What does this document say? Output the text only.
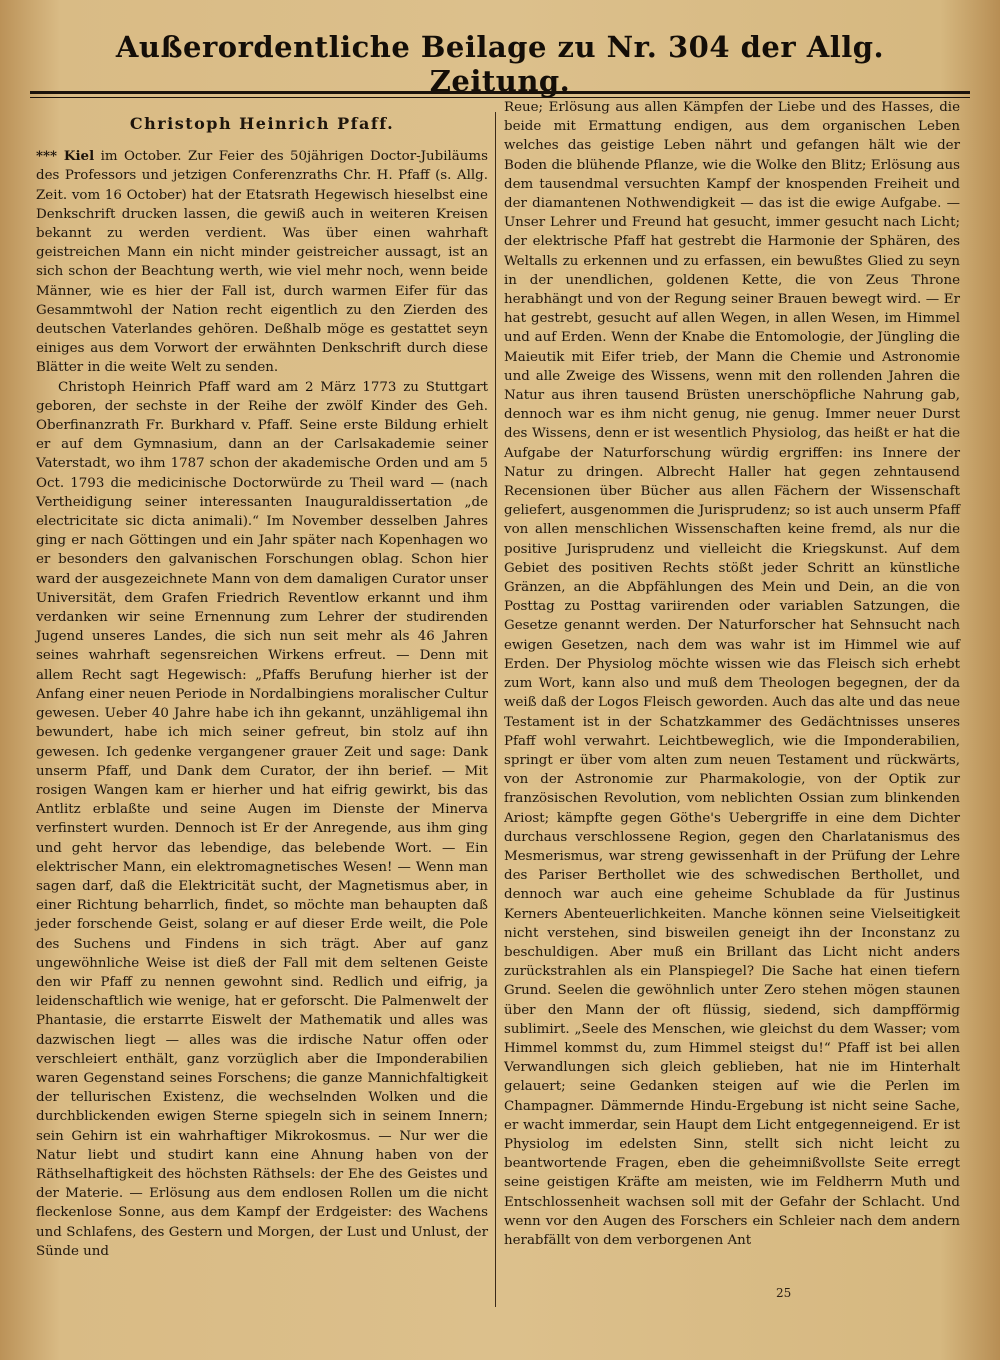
Außerordentliche Beilage zu Nr. 304 der Allg. Zeitung.
Christoph Heinrich Pfaff.

*** Kiel im October. Zur Feier des 50jährigen Doctor-Jubiläums des Professors und jetzigen Conferenzraths Chr. H. Pfaff (s. Allg. Zeit. vom 16 October) hat der Etatsrath Hegewisch hieselbst eine Denkschrift drucken lassen, die gewiß auch in weiteren Kreisen bekannt zu werden verdient. Was über einen wahrhaft geistreichen Mann ein nicht minder geistreicher aussagt, ist an sich schon der Beachtung werth, wie viel mehr noch, wenn beide Männer, wie es hier der Fall ist, durch warmen Eifer für das Gesammtwohl der Nation recht eigentlich zu den Zierden des deutschen Vaterlandes gehören. Deßhalb möge es gestattet seyn einiges aus dem Vorwort der erwähnten Denkschrift durch diese Blätter in die weite Welt zu senden.

Christoph Heinrich Pfaff ward am 2 März 1773 zu Stuttgart geboren, der sechste in der Reihe der zwölf Kinder des Geh. Oberfinanzrath Fr. Burkhard v. Pfaff. Seine erste Bildung erhielt er auf dem Gymnasium, dann an der Carlsakademie seiner Vaterstadt, wo ihm 1787 schon der akademische Orden und am 5 Oct. 1793 die medicinische Doctorwürde zu Theil ward — (nach Vertheidigung seiner interessanten Inauguraldissertation „de electricitate sic dicta animali).“ Im November desselben Jahres ging er nach Göttingen und ein Jahr später nach Kopenhagen wo er besonders den galvanischen Forschungen oblag. Schon hier ward der ausgezeichnete Mann von dem damaligen Curator unser Universität, dem Grafen Friedrich Reventlow erkannt und ihm verdanken wir seine Ernennung zum Lehrer der studirenden Jugend unseres Landes, die sich nun seit mehr als 46 Jahren seines wahrhaft segensreichen Wirkens erfreut. — Denn mit allem Recht sagt Hegewisch: „Pfaffs Berufung hierher ist der Anfang einer neuen Periode in Nordalbingiens moralischer Cultur gewesen. Ueber 40 Jahre habe ich ihn gekannt, unzähligemal ihn bewundert, habe ich mich seiner gefreut, bin stolz auf ihn gewesen. Ich gedenke vergangener grauer Zeit und sage: Dank unserm Pfaff, und Dank dem Curator, der ihn berief. — Mit rosigen Wangen kam er hierher und hat eifrig gewirkt, bis das Antlitz erblaßte und seine Augen im Dienste der Minerva verfinstert wurden. Dennoch ist Er der Anregende, aus ihm ging und geht hervor das lebendige, das belebende Wort. — Ein elektrischer Mann, ein elektromagnetisches Wesen! — Wenn man sagen darf, daß die Elektricität sucht, der Magnetismus aber, in einer Richtung beharrlich, findet, so möchte man behaupten daß jeder forschende Geist, solang er auf dieser Erde weilt, die Pole des Suchens und Findens in sich trägt. Aber auf ganz ungewöhnliche Weise ist dieß der Fall mit dem seltenen Geiste den wir Pfaff zu nennen gewohnt sind. Redlich und eifrig, ja leidenschaftlich wie wenige, hat er geforscht. Die Palmenwelt der Phantasie, die erstarrte Eiswelt der Mathematik und alles was dazwischen liegt — alles was die irdische Natur offen oder verschleiert enthält, ganz vorzüglich aber die Imponderabilien waren Gegenstand seines Forschens; die ganze Mannichfaltigkeit der tellurischen Existenz, die wechselnden Wolken und die durchblickenden ewigen Sterne spiegeln sich in seinem Innern; sein Gehirn ist ein wahrhaftiger Mikrokosmus. — Nur wer die Natur liebt und studirt kann eine Ahnung haben von der Räthselhaftigkeit des höchsten Räthsels: der Ehe des Geistes und der Materie. — Erlösung aus dem endlosen Rollen um die nicht fleckenlose Sonne, aus dem Kampf der Erdgeister: des Wachens und Schlafens, des Gestern und Morgen, der Lust und Unlust, der Sünde und

Reue; Erlösung aus allen Kämpfen der Liebe und des Hasses, die beide mit Ermattung endigen, aus dem organischen Leben welches das geistige Leben nährt und gefangen hält wie der Boden die blühende Pflanze, wie die Wolke den Blitz; Erlösung aus dem tausendmal versuchten Kampf der knospenden Freiheit und der diamantenen Nothwendigkeit — das ist die ewige Aufgabe. — Unser Lehrer und Freund hat gesucht, immer gesucht nach Licht; der elektrische Pfaff hat gestrebt die Harmonie der Sphären, des Weltalls zu erkennen und zu erfassen, ein bewußtes Glied zu seyn in der unendlichen, goldenen Kette, die von Zeus Throne herabhängt und von der Regung seiner Brauen bewegt wird. — Er hat gestrebt, gesucht auf allen Wegen, in allen Wesen, im Himmel und auf Erden. Wenn der Knabe die Entomologie, der Jüngling die Maieutik mit Eifer trieb, der Mann die Chemie und Astronomie und alle Zweige des Wissens, wenn mit den rollenden Jahren die Natur aus ihren tausend Brüsten unerschöpfliche Nahrung gab, dennoch war es ihm nicht genug, nie genug. Immer neuer Durst des Wissens, denn er ist wesentlich Physiolog, das heißt er hat die Aufgabe der Naturforschung würdig ergriffen: ins Innere der Natur zu dringen. Albrecht Haller hat gegen zehntausend Recensionen über Bücher aus allen Fächern der Wissenschaft geliefert, ausgenommen die Jurisprudenz; so ist auch unserm Pfaff von allen menschlichen Wissenschaften keine fremd, als nur die positive Jurisprudenz und vielleicht die Kriegskunst. Auf dem Gebiet des positiven Rechts stößt jeder Schritt an künstliche Gränzen, an die Abpfählungen des Mein und Dein, an die von Posttag zu Posttag variirenden oder variablen Satzungen, die Gesetze genannt werden. Der Naturforscher hat Sehnsucht nach ewigen Gesetzen, nach dem was wahr ist im Himmel wie auf Erden. Der Physiolog möchte wissen wie das Fleisch sich erhebt zum Wort, kann also und muß dem Theologen begegnen, der da weiß daß der Logos Fleisch geworden. Auch das alte und das neue Testament ist in der Schatzkammer des Gedächtnisses unseres Pfaff wohl verwahrt. Leichtbeweglich, wie die Imponderabilien, springt er über vom alten zum neuen Testament und rückwärts, von der Astronomie zur Pharmakologie, von der Optik zur französischen Revolution, vom neblichten Ossian zum blinkenden Ariost; kämpfte gegen Göthe's Uebergriffe in eine dem Dichter durchaus verschlossene Region, gegen den Charlatanismus des Mesmerismus, war streng gewissenhaft in der Prüfung der Lehre des Pariser Berthollet wie des schwedischen Berthollet, und dennoch war auch eine geheime Schublade da für Justinus Kerners Abenteuerlichkeiten. Manche können seine Vielseitigkeit nicht verstehen, sind bisweilen geneigt ihn der Inconstanz zu beschuldigen. Aber muß ein Brillant das Licht nicht anders zurückstrahlen als ein Planspiegel? Die Sache hat einen tiefern Grund. Seelen die gewöhnlich unter Zero stehen mögen staunen über den Mann der oft flüssig, siedend, sich dampfförmig sublimirt. „Seele des Menschen, wie gleichst du dem Wasser; vom Himmel kommst du, zum Himmel steigst du!“ Pfaff ist bei allen Verwandlungen sich gleich geblieben, hat nie im Hinterhalt gelauert; seine Gedanken steigen auf wie die Perlen im Champagner. Dämmernde Hindu-Ergebung ist nicht seine Sache, er wacht immerdar, sein Haupt dem Licht entgegenneigend. Er ist Physiolog im edelsten Sinn, stellt sich nicht leicht zu beantwortende Fragen, eben die geheimnißvollste Seite erregt seine geistigen Kräfte am meisten, wie im Feldherrn Muth und Entschlossenheit wachsen soll mit der Gefahr der Schlacht. Und wenn vor den Augen des Forschers ein Schleier nach dem andern herabfällt von dem verborgenen Ant

25
